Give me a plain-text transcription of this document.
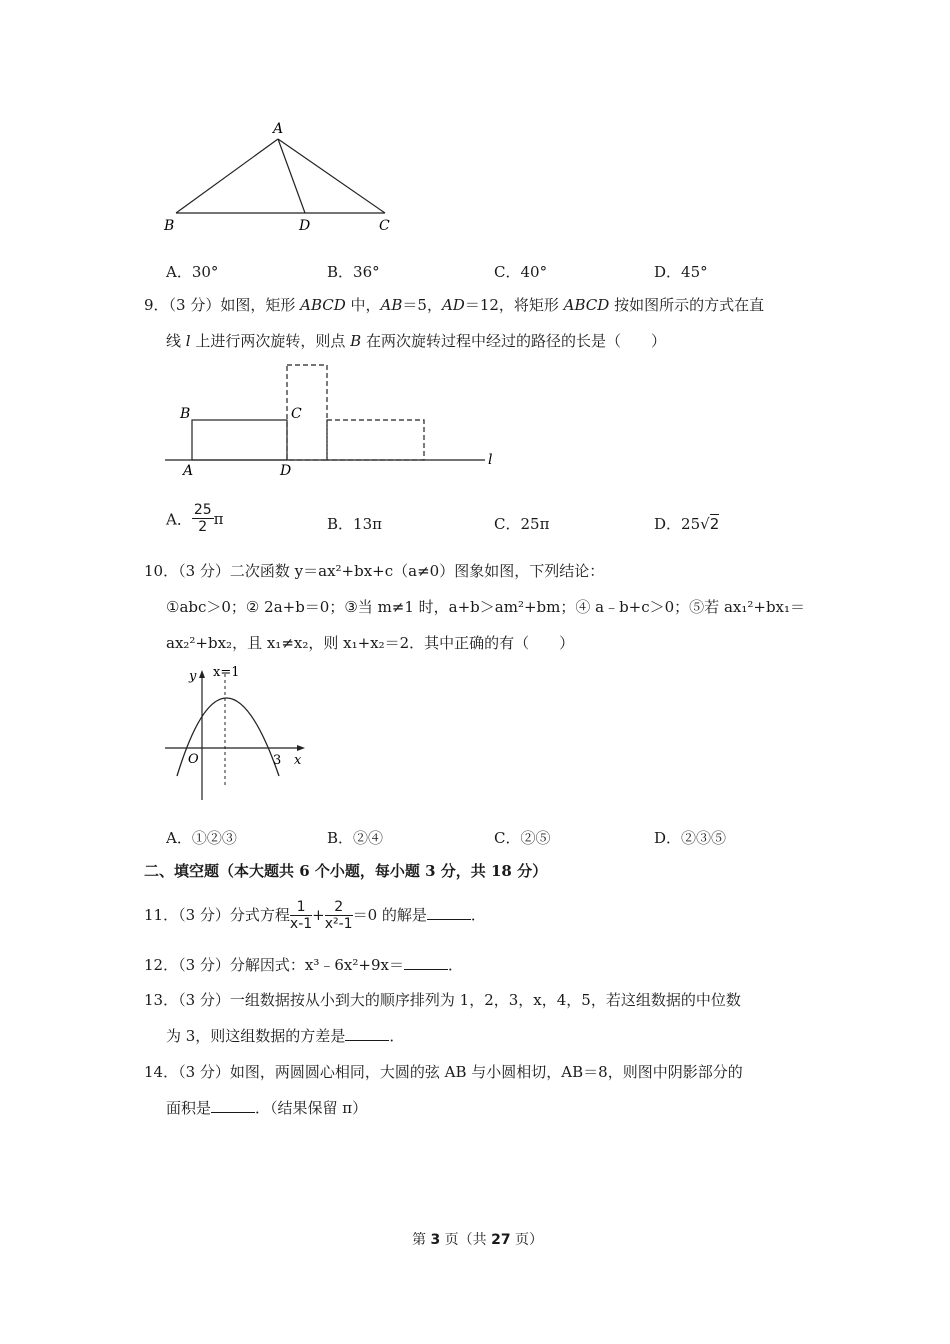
A
B	D	C
A．30°	B．36°	C．40°	D．45°
9．（3 分）如图，矩形 ABCD 中，AB＝5，AD＝12，将矩形 ABCD 按如图所示的方式在直
线 l 上进行两次旋转，则点 B 在两次旋转过程中经过的路径的长是（　　）
B	C
A	D
l
A． $\frac{25}{2}$ π	B．13π	C．25π	D．25√2
10．（3 分）二次函数 y＝ax²+bx+c（a≠0）图象如图，下列结论：
①abc＞0；② 2a+b＝0；③当 m≠1 时，a+b＞am²+bm；④ a﹣b+c＞0；⑤若 ax₁²+bx₁＝
ax₂²+bx₂，且 x₁≠x₂，则 x₁+x₂＝2．其中正确的有（　　）
y x=1
O	3 x
A．①②③	B．②④	C．②⑤	D．②③⑤
二、填空题（本大题共 6 个小题，每小题 3 分，共 18 分）
11．（3 分）分式方程 $\frac{1}{x-1} + \frac{2}{\text{x²-1}} =0$ 的解是	．
12．（3 分）分解因式：x³﹣6x²+9x＝	．
13．（3 分）一组数据按从小到大的顺序排列为 1，2，3，x，4，5，若这组数据的中位数
为 3，则这组数据的方差是	．
14．（3 分）如图，两圆圆心相同，大圆的弦 AB 与小圆相切，AB＝8，则图中阴影部分的
面积是	．（结果保留 π）
第 3 页（共 27 页）
